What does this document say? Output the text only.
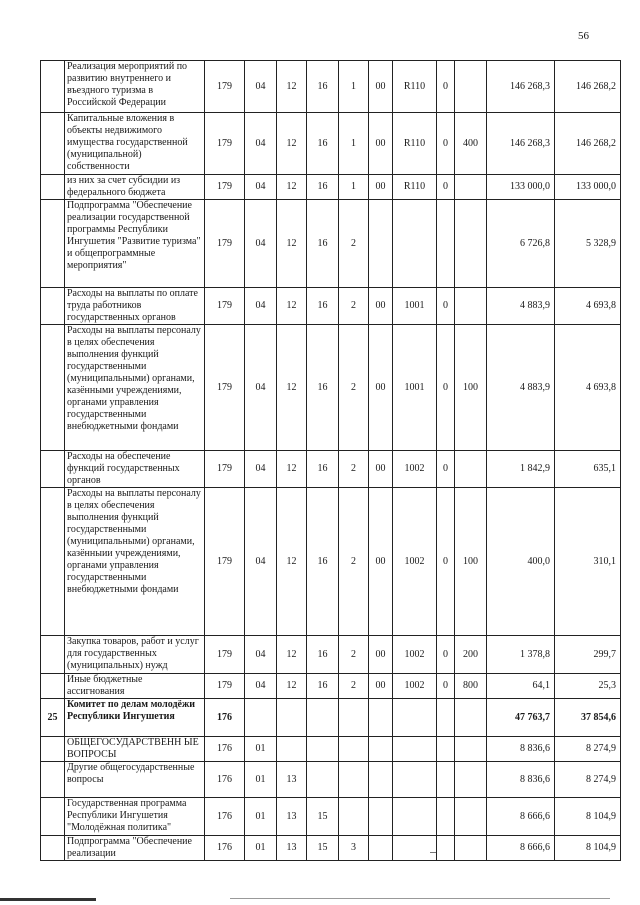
56
	Реализация мероприятий по развитию внутреннего и въездного туризма в Российской Федерации	179	04	12	16	1	00	R110	0		146 268,3	146 268,2
	Капитальные вложения в объекты недвижимого имущества государственной (муниципальной) собственности	179	04	12	16	1	00	R110	0	400	146 268,3	146 268,2
	из них за счет субсидии из федерального бюджета	179	04	12	16	1	00	R110	0		133 000,0	133 000,0
	Подпрограмма "Обеспечение реализации государственной программы Республики Ингушетия "Развитие туризма" и общепрограммные мероприятия"	179	04	12	16	2					6 726,8	5 328,9
	Расходы на выплаты по оплате труда работников государственных органов	179	04	12	16	2	00	1001	0		4 883,9	4 693,8
	Расходы на выплаты персоналу в целях обеспечения выполнения функций государственными (муниципальными) органами, казёнными учреждениями, органами управления государственными внебюджетными фондами	179	04	12	16	2	00	1001	0	100	4 883,9	4 693,8
	Расходы на обеспечение функций государственных органов	179	04	12	16	2	00	1002	0		1 842,9	635,1
	Расходы на выплаты персоналу в целях обеспечения выполнения функций государственными (муниципальными) органами, казённыии учреждениями, органами управления государственными внебюджетными фондами	179	04	12	16	2	00	1002	0	100	400,0	310,1
	Закупка товаров, работ и услуг для государственных (муниципальных) нужд	179	04	12	16	2	00	1002	0	200	1 378,8	299,7
	Иные бюджетные ассигнования	179	04	12	16	2	00	1002	0	800	64,1	25,3
25	Комитет по делам молодёжи Республики Ингушетия	176									47 763,7	37 854,6
	ОБЩЕГОСУДАРСТВЕНН ЫЕ ВОПРОСЫ	176	01								8 836,6	8 274,9
	Другие общегосударственные вопросы	176	01	13							8 836,6	8 274,9
	Государственная программа Республики Ингушетия "Молодёжная политика"	176	01	13	15						8 666,6	8 104,9
	Подпрограмма "Обеспечение реализации	176	01	13	15	3					8 666,6	8 104,9
